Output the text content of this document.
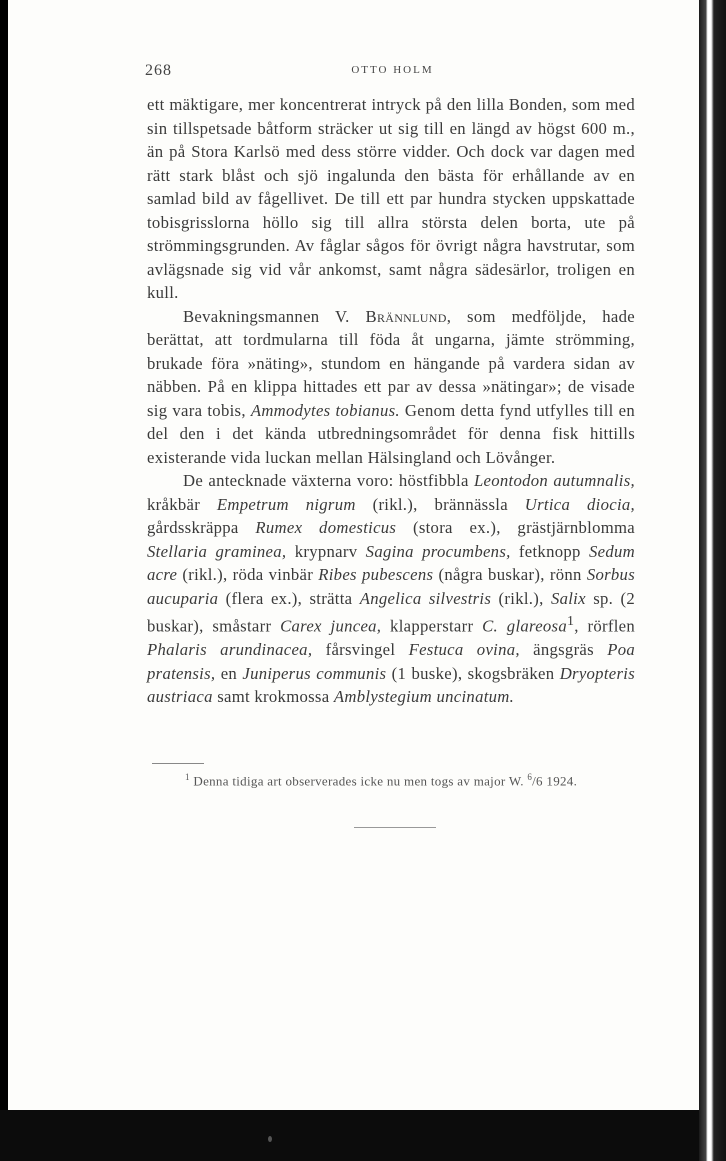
268	OTTO HOLM

ett mäktigare, mer koncentrerat intryck på den lilla Bonden, som med sin tillspetsade båtform sträcker ut sig till en längd av högst 600 m., än på Stora Karlsö med dess större vidder. Och dock var dagen med rätt stark blåst och sjö ingalunda den bästa för erhållande av en samlad bild av fågellivet. De till ett par hundra stycken uppskattade tobisgrisslorna höllo sig till allra största delen borta, ute på strömmingsgrunden. Av fåglar sågos för övrigt några havstrutar, som avlägsnade sig vid vår ankomst, samt några sädesärlor, troligen en kull.

Bevakningsmannen V. Brännlund, som medföljde, hade berättat, att tordmularna till föda åt ungarna, jämte strömming, brukade föra »näting», stundom en hängande på vardera sidan av näbben. På en klippa hittades ett par av dessa »nätingar»; de visade sig vara tobis, Ammodytes tobianus. Genom detta fynd utfylles till en del den i det kända utbredningsområdet för denna fisk hittills existerande vida luckan mellan Hälsingland och Lövånger.

De antecknade växterna voro: höstfibbla Leontodon autumnalis, kråkbär Empetrum nigrum (rikl.), brännässla Urtica diocia, gårdsskräppa Rumex domesticus (stora ex.), grästjärnblomma Stellaria graminea, krypnarv Sagina procumbens, fetknopp Sedum acre (rikl.), röda vinbär Ribes pubescens (några buskar), rönn Sorbus aucuparia (flera ex.), strätta Angelica silvestris (rikl.), Salix sp. (2 buskar), småstarr Carex juncea, klapperstarr C. glareosa$^1$, rörflen Phalaris arundinacea, fårsvingel Festuca ovina, ängsgräs Poa pratensis, en Juniperus communis (1 buske), skogsbräken Dryopteris austriaca samt krokmossa Amblystegium uncinatum.

$^1$ Denna tidiga art observerades icke nu men togs av major W. $^6$/6 1924.
